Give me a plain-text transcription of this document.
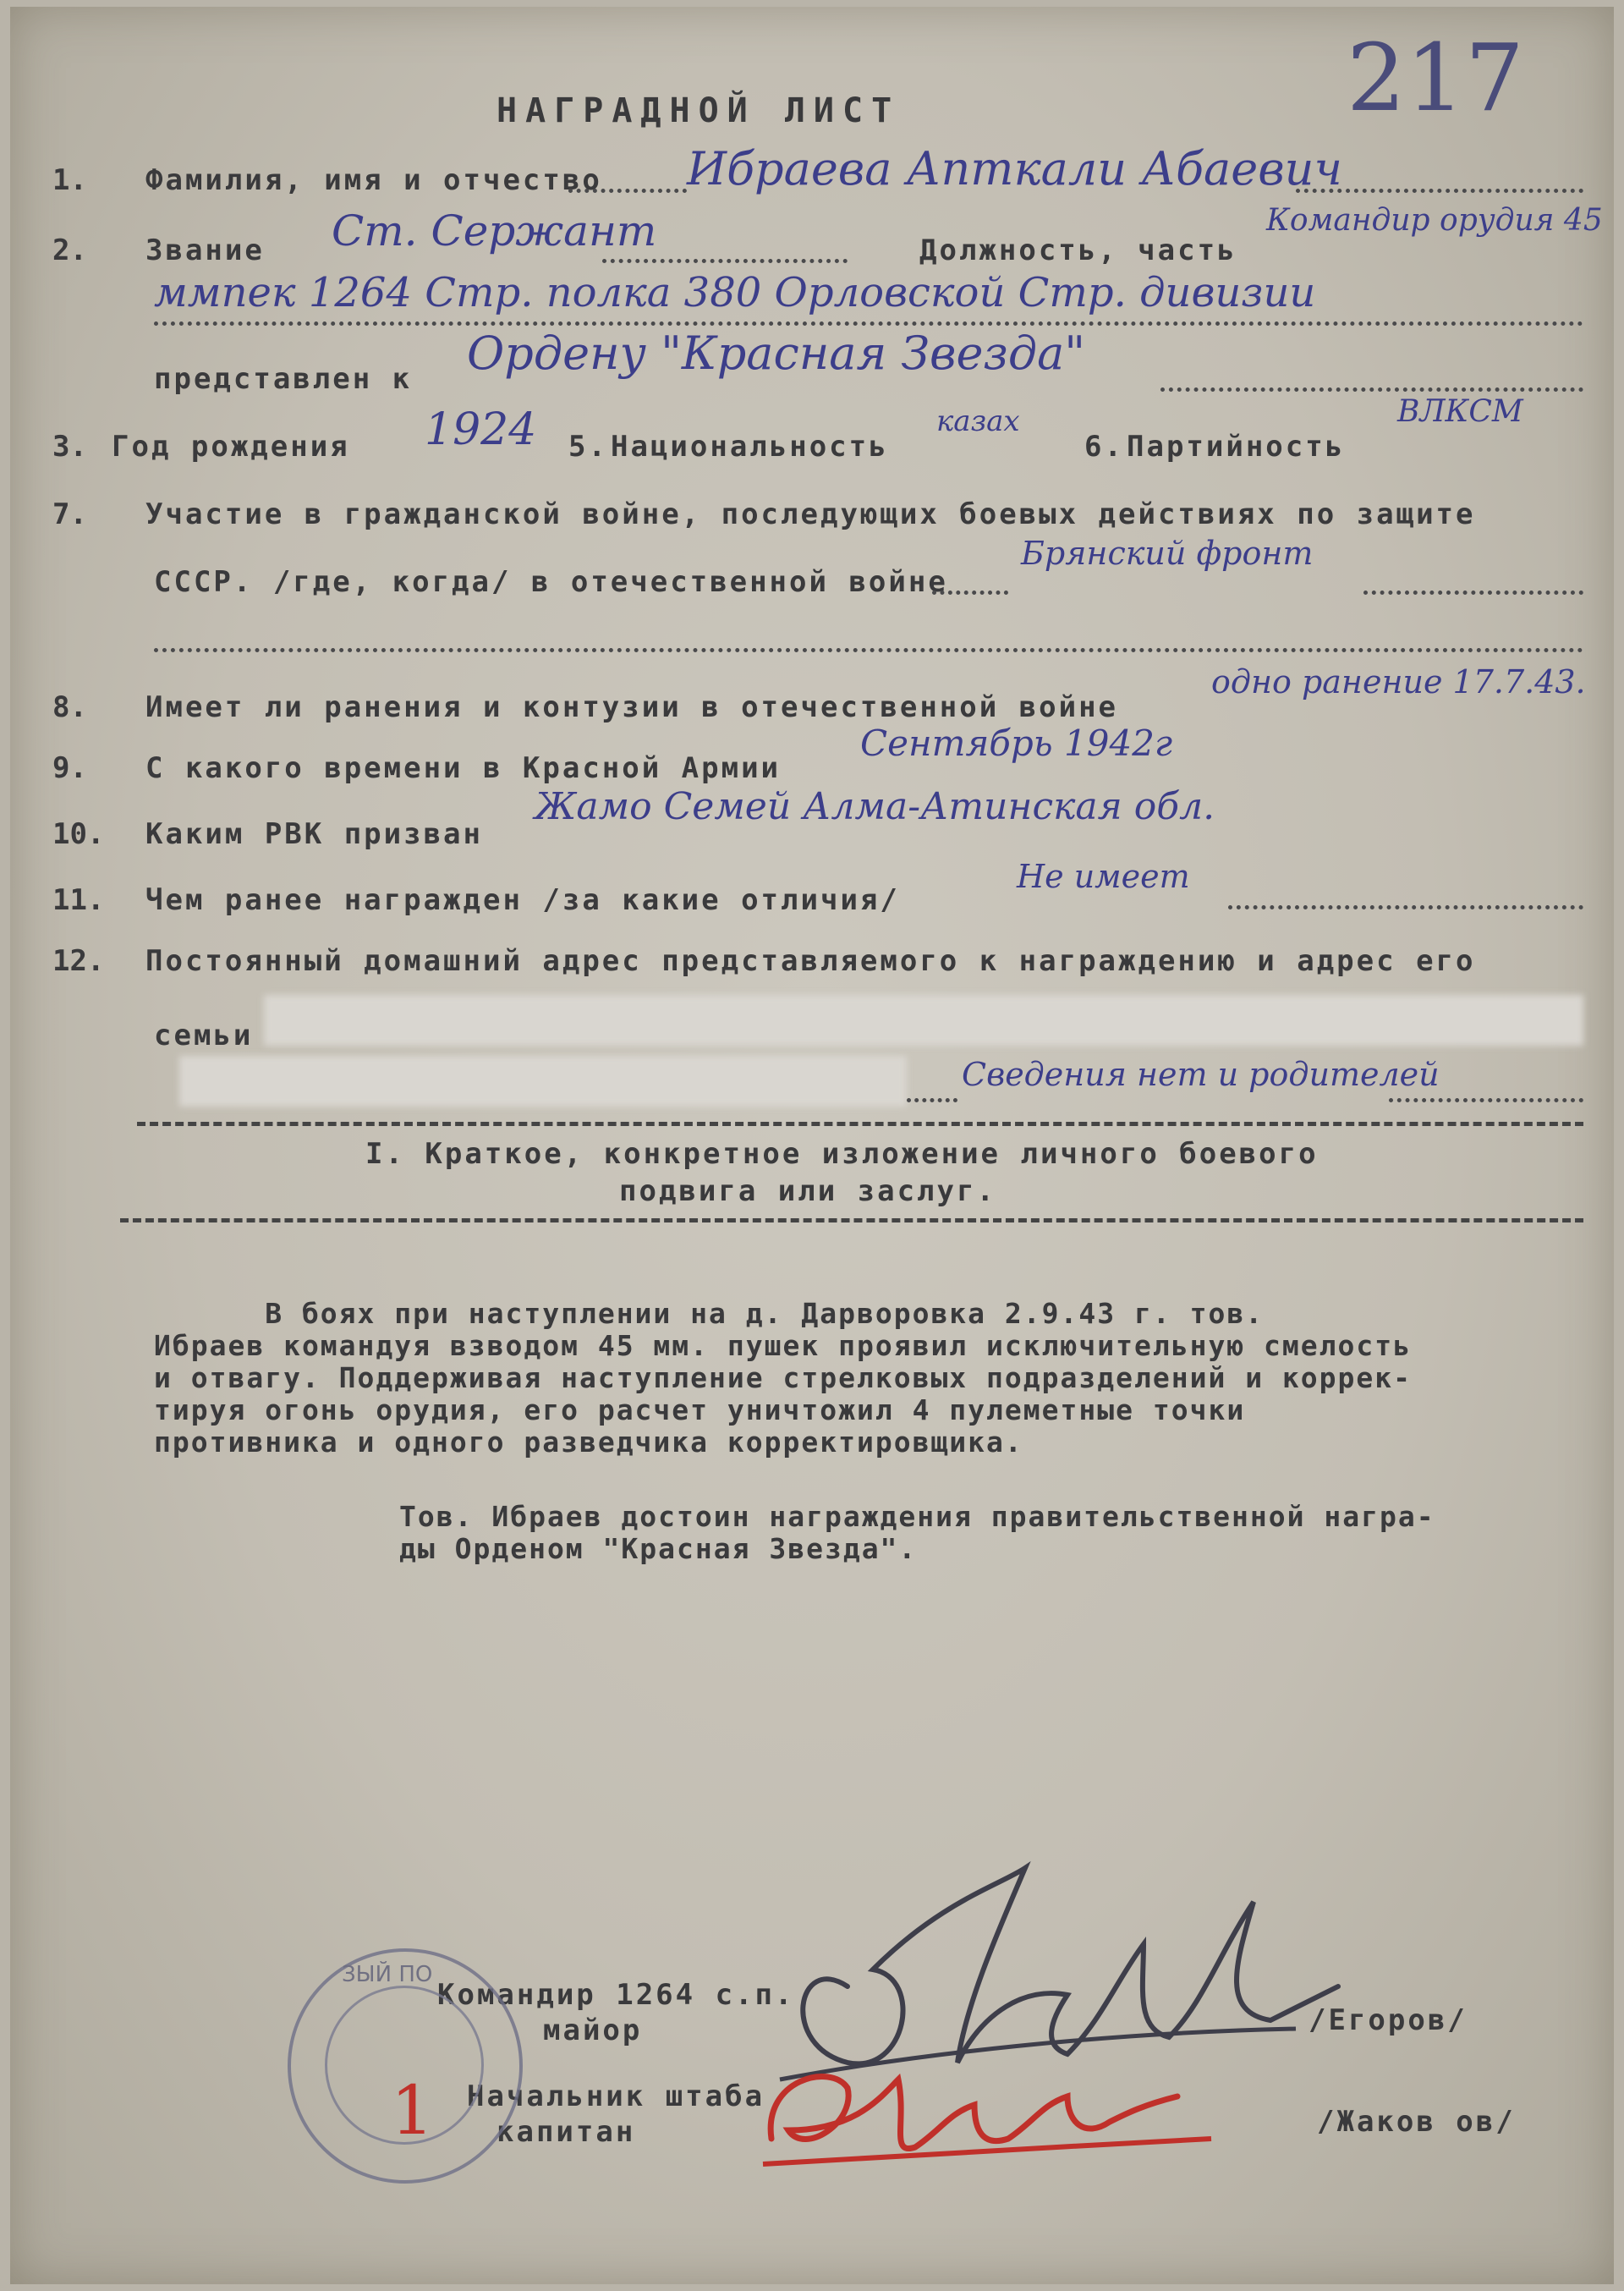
217
НАГРАДНОЙ ЛИСТ
1. Фамилия, имя и отчество Ибраева Апткали Абаевич
2. Звание Ст. Сержант	Должность, часть
Командир орудия 45
ммпек 1264 Стр. полка 380 Орловской Стр. дивизии
представлен к Ордену "Красная Звезда"
3. Год рождения 1924 5. Национальность
казах
6. Партийность
ВЛКСМ
7. Участие в гражданской войне, последующих боевых действиях по защите
СССР. /где, когда/ в отечественной войне
Брянский фронт
8. Имеет ли ранения и контузии в отечественной войне
одно ранение 17.7.43.
9. С какого времени в Красной Армии
Сентябрь 1942г
10. Каким РВК призван
Жамо Семей Алма-Атинская обл.
11. Чем ранее награжден /за какие отличия/
Не имеет
12. Постоянный домашний адрес представляемого к награждению и адрес его
семьи
Сведения нет и родителей
I. Краткое, конкретное изложение личного боевого
подвига или заслуг.
В боях при наступлении на д. Дарворовка 2.9.43 г. тов.
Ибраев командуя взводом 45 мм. пушек проявил исключительную смелость
и отвагу. Поддерживая наступление стрелковых подразделений и коррек-
тируя огонь орудия, его расчет уничтожил 4 пулеметные точки
противника и одного разведчика корректировщика.
Тов. Ибраев достоин награждения правительственной награ-
ды Орденом "Красная Звезда".
Командир 1264 с.п.
майор	/Егоров/
Начальник штаба
капитан	/Жаков ов/
ЗЫЙ ПО
1
